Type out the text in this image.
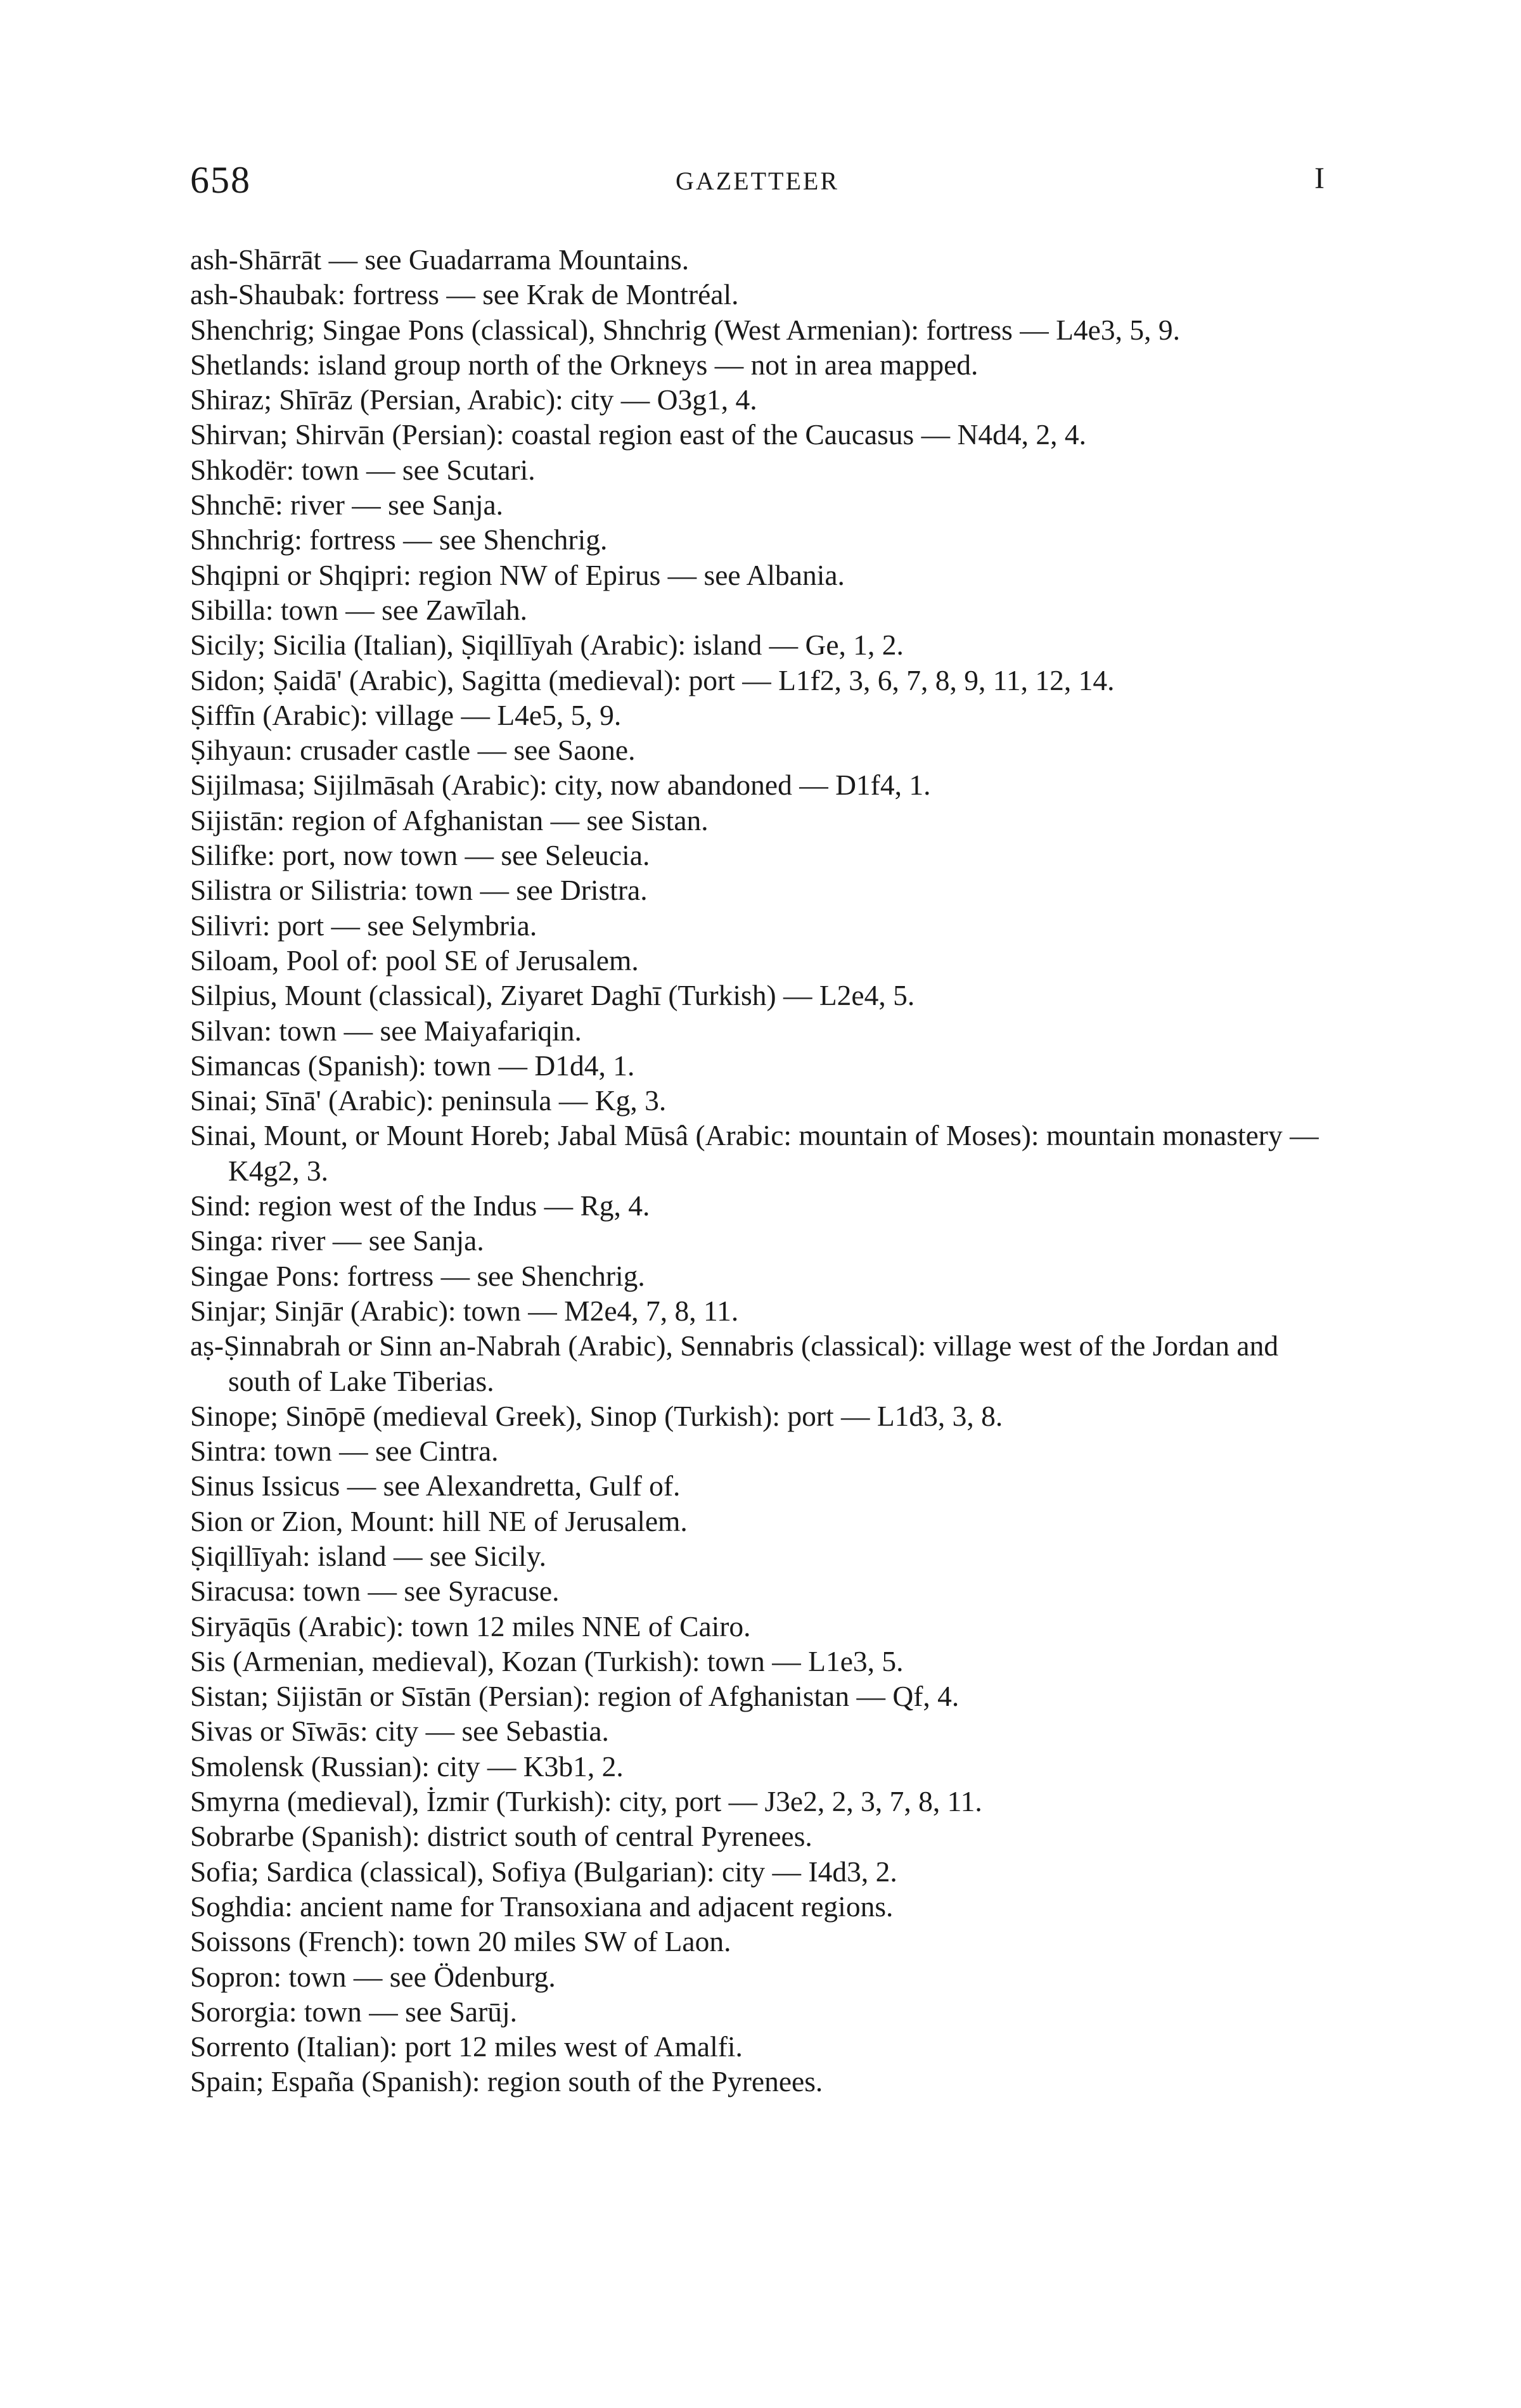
658	GAZETTEER	I
ash-Shārrāt — see Guadarrama Mountains.
ash-Shaubak: fortress — see Krak de Montréal.
Shenchrig; Singae Pons (classical), Shnchrig (West Armenian): fortress — L4e3, 5, 9.
Shetlands: island group north of the Orkneys — not in area mapped.
Shiraz; Shīrāz (Persian, Arabic): city — O3g1, 4.
Shirvan; Shirvān (Persian): coastal region east of the Caucasus — N4d4, 2, 4.
Shkodër: town — see Scutari.
Shnchē: river — see Sanja.
Shnchrig: fortress — see Shenchrig.
Shqipni or Shqipri: region NW of Epirus — see Albania.
Sibilla: town — see Zawīlah.
Sicily; Sicilia (Italian), Ṣiqillīyah (Arabic): island — Ge, 1, 2.
Sidon; Ṣaidā' (Arabic), Sagitta (medieval): port — L1f2, 3, 6, 7, 8, 9, 11, 12, 14.
Ṣiffīn (Arabic): village — L4e5, 5, 9.
Ṣihyaun: crusader castle — see Saone.
Sijilmasa; Sijilmāsah (Arabic): city, now abandoned — D1f4, 1.
Sijistān: region of Afghanistan — see Sistan.
Silifke: port, now town — see Seleucia.
Silistra or Silistria: town — see Dristra.
Silivri: port — see Selymbria.
Siloam, Pool of: pool SE of Jerusalem.
Silpius, Mount (classical), Ziyaret Daghī (Turkish) — L2e4, 5.
Silvan: town — see Maiyafariqin.
Simancas (Spanish): town — D1d4, 1.
Sinai; Sīnā' (Arabic): peninsula — Kg, 3.
Sinai, Mount, or Mount Horeb; Jabal Mūsâ (Arabic: mountain of Moses): mountain monastery — K4g2, 3.
Sind: region west of the Indus — Rg, 4.
Singa: river — see Sanja.
Singae Pons: fortress — see Shenchrig.
Sinjar; Sinjār (Arabic): town — M2e4, 7, 8, 11.
aṣ-Ṣinnabrah or Sinn an-Nabrah (Arabic), Sennabris (classical): village west of the Jordan and south of Lake Tiberias.
Sinope; Sinōpē (medieval Greek), Sinop (Turkish): port — L1d3, 3, 8.
Sintra: town — see Cintra.
Sinus Issicus — see Alexandretta, Gulf of.
Sion or Zion, Mount: hill NE of Jerusalem.
Ṣiqillīyah: island — see Sicily.
Siracusa: town — see Syracuse.
Siryāqūs (Arabic): town 12 miles NNE of Cairo.
Sis (Armenian, medieval), Kozan (Turkish): town — L1e3, 5.
Sistan; Sijistān or Sīstān (Persian): region of Afghanistan — Qf, 4.
Sivas or Sīwās: city — see Sebastia.
Smolensk (Russian): city — K3b1, 2.
Smyrna (medieval), İzmir (Turkish): city, port — J3e2, 2, 3, 7, 8, 11.
Sobrarbe (Spanish): district south of central Pyrenees.
Sofia; Sardica (classical), Sofiya (Bulgarian): city — I4d3, 2.
Soghdia: ancient name for Transoxiana and adjacent regions.
Soissons (French): town 20 miles SW of Laon.
Sopron: town — see Ödenburg.
Sororgia: town — see Sarūj.
Sorrento (Italian): port 12 miles west of Amalfi.
Spain; España (Spanish): region south of the Pyrenees.
